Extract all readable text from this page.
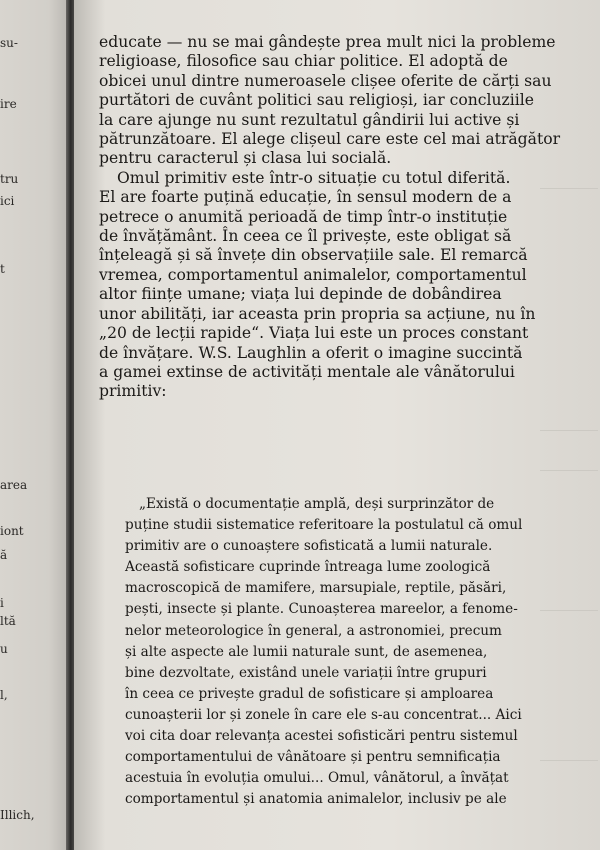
su-
ire
tru
ici
t
area
iont
ă
i
ltă
u
l,
Illich,
educate — nu se mai gândește prea mult nici la probleme
religioase, filosofice sau chiar politice. El adoptă de
obicei unul dintre numeroasele clișee oferite de cărți sau
purtători de cuvânt politici sau religioși, iar concluziile
la care ajunge nu sunt rezultatul gândirii lui active și
pătrunzătoare. El alege clișeul care este cel mai atrăgător
pentru caracterul și clasa lui socială.
Omul primitiv este într-o situație cu totul diferită.
El are foarte puțină educație, în sensul modern de a
petrece o anumită perioadă de timp într-o instituție
de învățământ. În ceea ce îl privește, este obligat să
înțeleagă și să învețe din observațiile sale. El remarcă
vremea, comportamentul animalelor, comportamentul
altor ființe umane; viața lui depinde de dobândirea
unor abilități, iar aceasta prin propria sa acțiune, nu în
„20 de lecții rapide“. Viața lui este un proces constant
de învățare. W.S. Laughlin a oferit o imagine succintă
a gamei extinse de activități mentale ale vânătorului
primitiv:
„Există o documentație amplă, deși surprinzător de
puține studii sistematice referitoare la postulatul că omul
primitiv are o cunoaștere sofisticată a lumii naturale.
Această sofisticare cuprinde întreaga lume zoologică
macroscopică de mamifere, marsupiale, reptile, păsări,
pești, insecte și plante. Cunoașterea mareelor, a fenome-
nelor meteorologice în general, a astronomiei, precum
și alte aspecte ale lumii naturale sunt, de asemenea,
bine dezvoltate, existând unele variații între grupuri
în ceea ce privește gradul de sofisticare și amploarea
cunoașterii lor și zonele în care ele s-au concentrat... Aici
voi cita doar relevanța acestei sofisticări pentru sistemul
comportamentului de vânătoare și pentru semnificația
acestuia în evoluția omului... Omul, vânătorul, a învățat
comportamentul și anatomia animalelor, inclusiv pe ale
